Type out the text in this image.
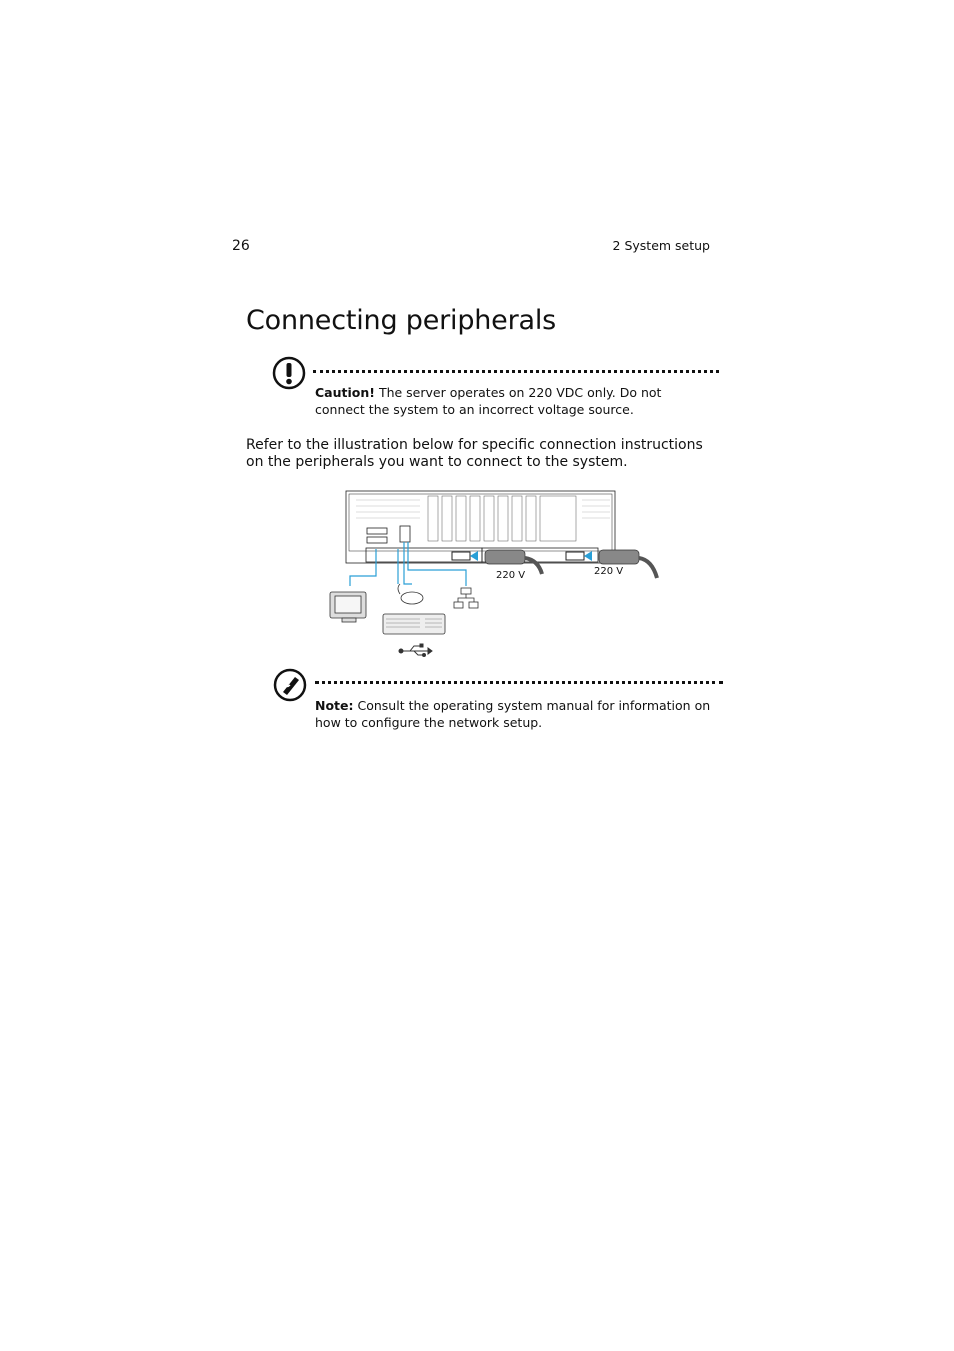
26	2 System setup
Connecting peripherals
Caution! The server operates on 220 VDC only. Do not connect the system to an incorrect voltage source.
Refer to the illustration below for specific connection instructions on the peripherals you want to connect to the system.
220 V	220 V
Note: Consult the operating system manual for information on how to configure the network setup.
